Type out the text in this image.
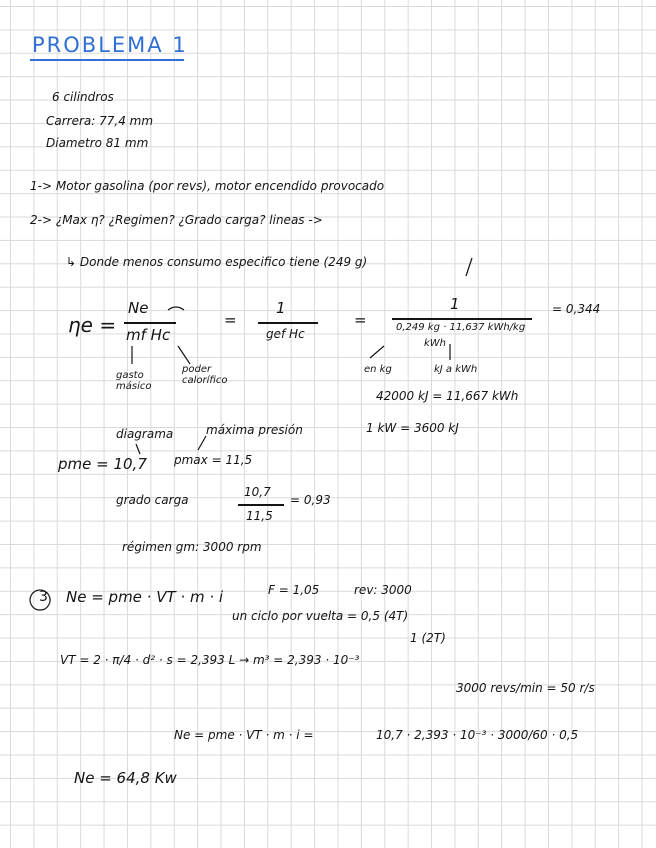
PROBLEMA 1
6 cilindros
Carrera: 77,4 mm
Diametro 81 mm
1-> Motor gasolina (por revs), motor encendido provocado
2-> ¿Max η? ¿Regimen? ¿Grado carga? lineas ->
↳ Donde menos consumo especifico tiene (249 g)
ηe =
Ne
mf Hc
=
1
gef Hc
=
1
0,249 kg · 11,637 kWh/kg
kWh
= 0,344
gasto másico
poder calorífico
en kg	kJ a kWh
42000 kJ = 11,667 kWh
1 kW = 3600 kJ
diagrama	máxima presión
pme = 10,7 pmax = 11,5
grado carga
10,7
11,5
= 0,93
régimen gm: 3000 rpm
3 Ne = pme · VT · m · i	F = 1,05	rev: 3000
un ciclo por vuelta = 0,5 (4T)
1 (2T)
VT = 2 · π/4 · d² · s = 2,393 L → m³ = 2,393 · 10⁻³
3000 revs/min = 50 r/s
Ne = pme · VT · m · i =	10,7 · 2,393 · 10⁻³ · 3000/60 · 0,5
Ne = 64,8 Kw
